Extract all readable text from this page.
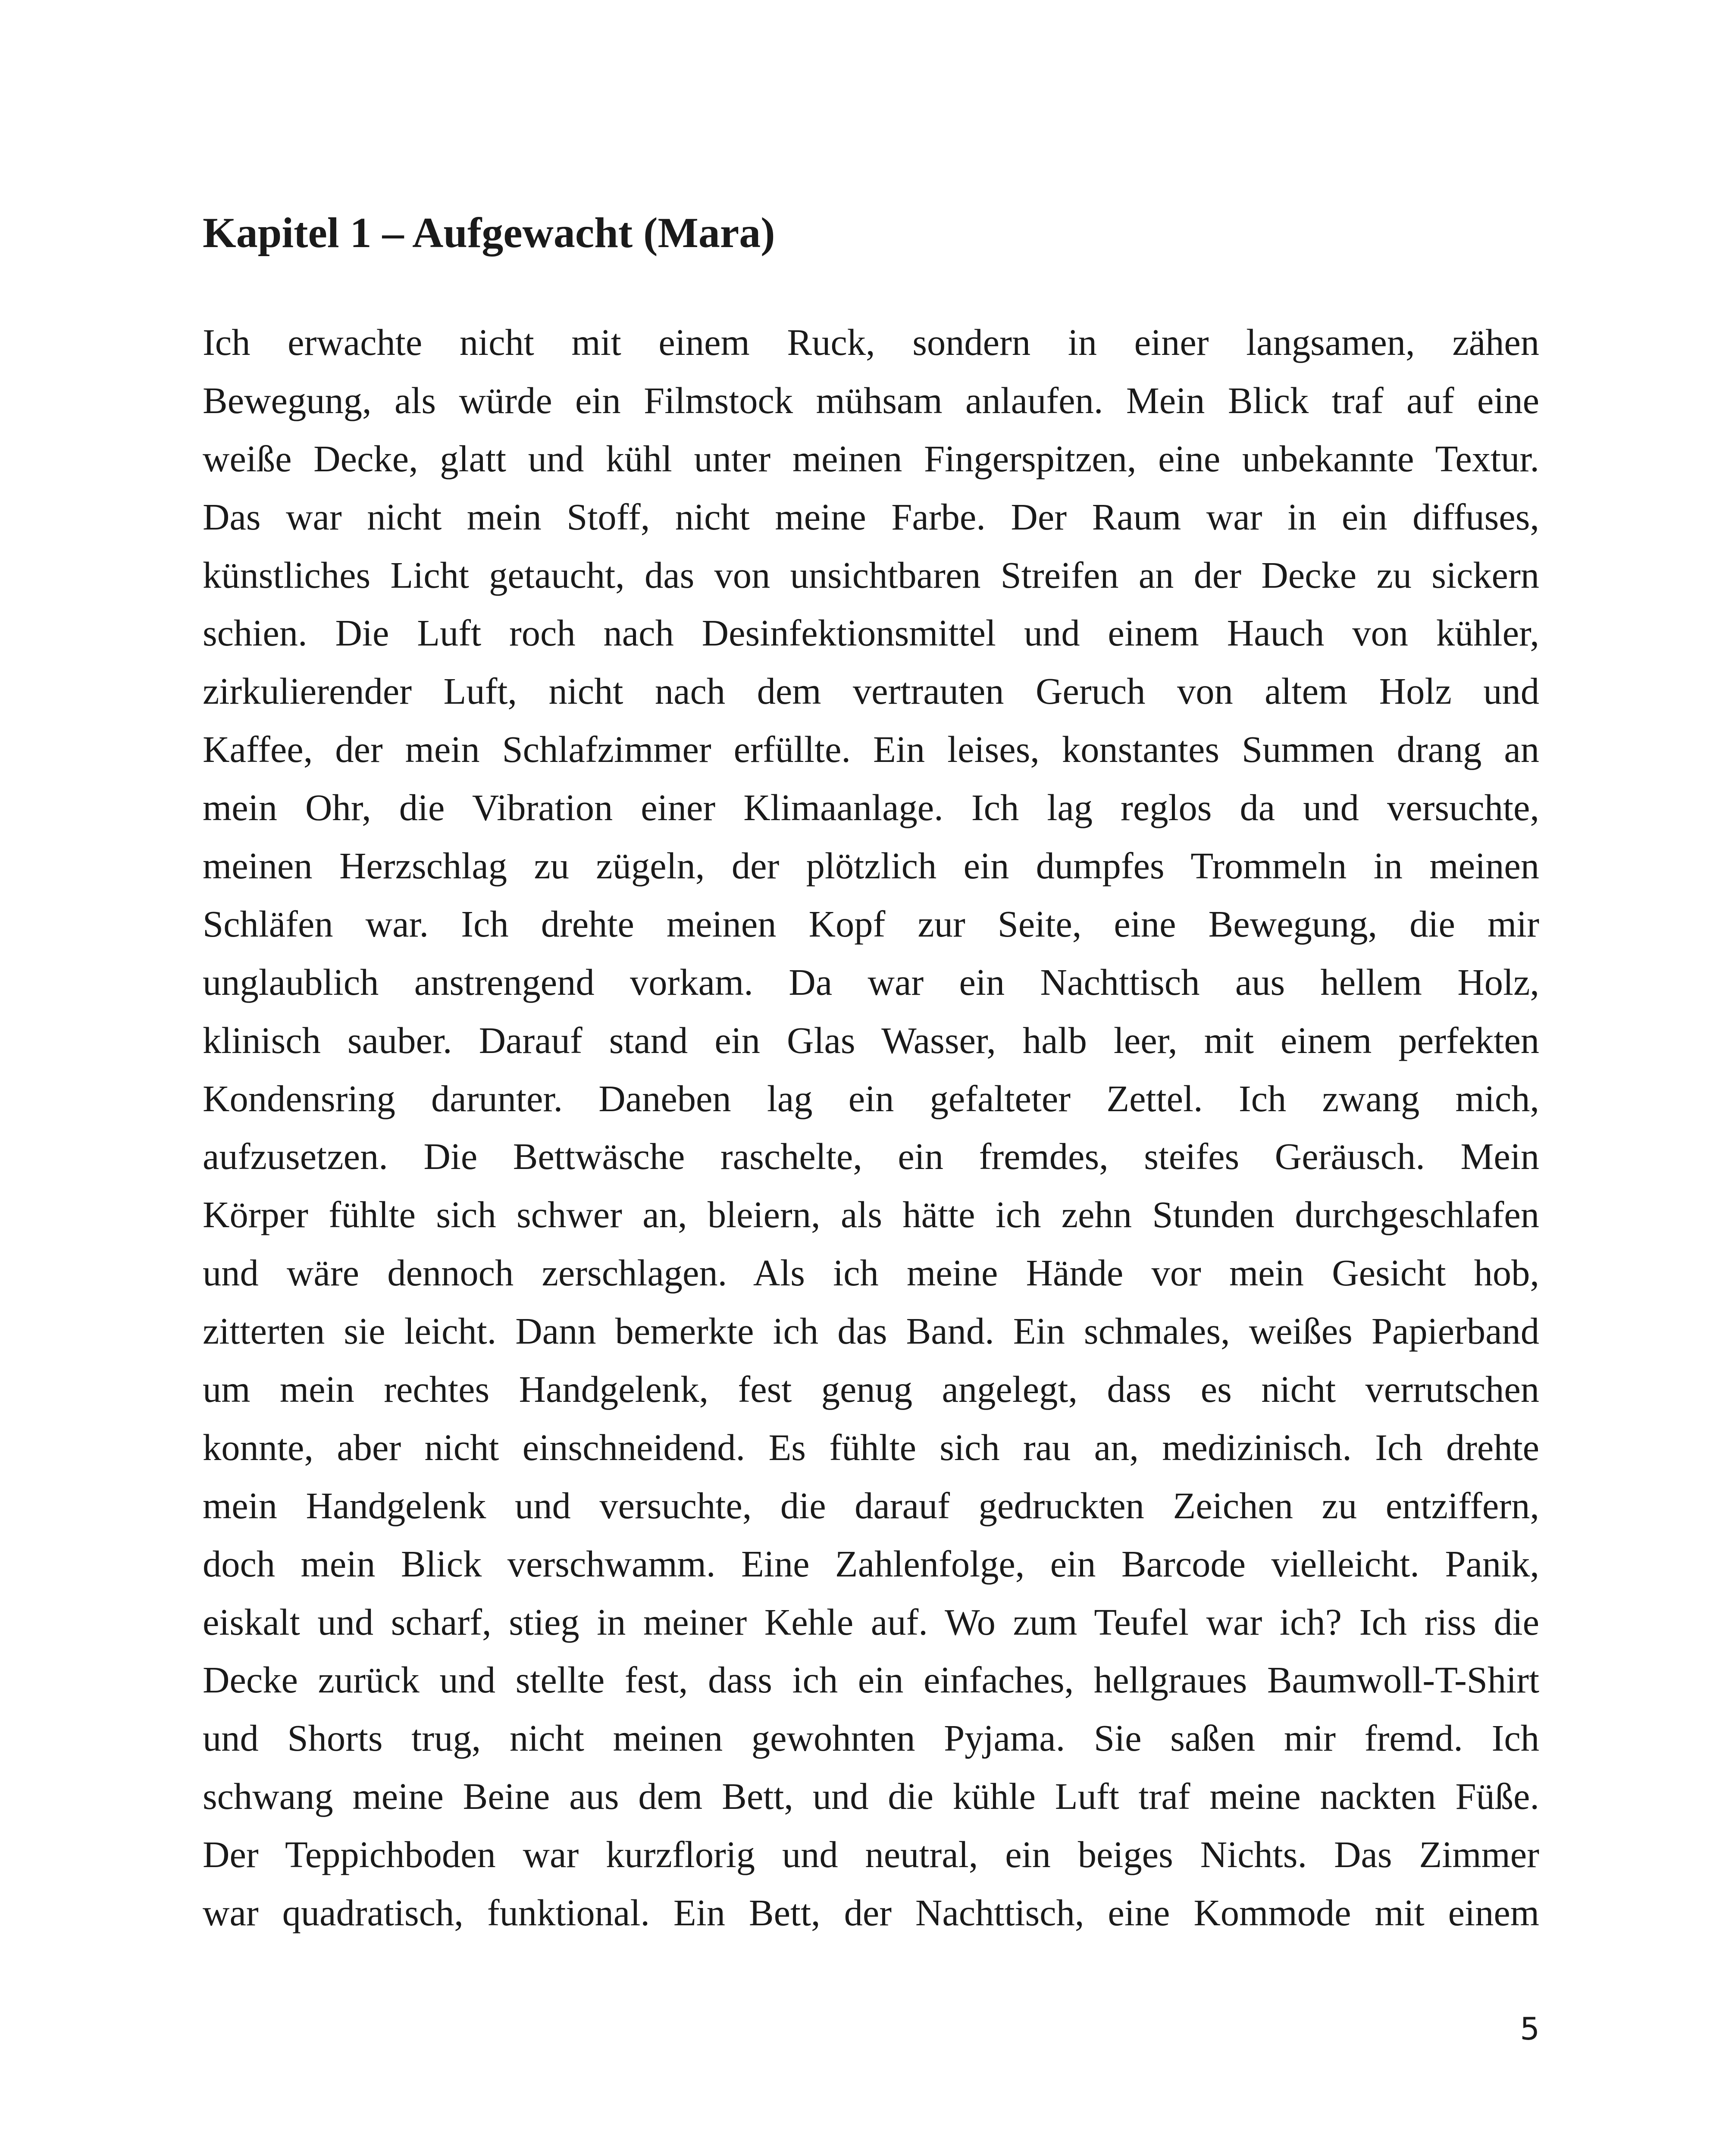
Kapitel 1 – Aufgewacht (Mara)
Ich erwachte nicht mit einem Ruck, sondern in einer langsamen, zähen
Bewegung, als würde ein Filmstock mühsam anlaufen. Mein Blick traf auf eine
weiße Decke, glatt und kühl unter meinen Fingerspitzen, eine unbekannte Textur.
Das war nicht mein Stoff, nicht meine Farbe. Der Raum war in ein diffuses,
künstliches Licht getaucht, das von unsichtbaren Streifen an der Decke zu sickern
schien. Die Luft roch nach Desinfektionsmittel und einem Hauch von kühler,
zirkulierender Luft, nicht nach dem vertrauten Geruch von altem Holz und
Kaffee, der mein Schlafzimmer erfüllte. Ein leises, konstantes Summen drang an
mein Ohr, die Vibration einer Klimaanlage. Ich lag reglos da und versuchte,
meinen Herzschlag zu zügeln, der plötzlich ein dumpfes Trommeln in meinen
Schläfen war. Ich drehte meinen Kopf zur Seite, eine Bewegung, die mir
unglaublich anstrengend vorkam. Da war ein Nachttisch aus hellem Holz,
klinisch sauber. Darauf stand ein Glas Wasser, halb leer, mit einem perfekten
Kondensring darunter. Daneben lag ein gefalteter Zettel. Ich zwang mich,
aufzusetzen. Die Bettwäsche raschelte, ein fremdes, steifes Geräusch. Mein
Körper fühlte sich schwer an, bleiern, als hätte ich zehn Stunden durchgeschlafen
und wäre dennoch zerschlagen. Als ich meine Hände vor mein Gesicht hob,
zitterten sie leicht. Dann bemerkte ich das Band. Ein schmales, weißes Papierband
um mein rechtes Handgelenk, fest genug angelegt, dass es nicht verrutschen
konnte, aber nicht einschneidend. Es fühlte sich rau an, medizinisch. Ich drehte
mein Handgelenk und versuchte, die darauf gedruckten Zeichen zu entziffern,
doch mein Blick verschwamm. Eine Zahlenfolge, ein Barcode vielleicht. Panik,
eiskalt und scharf, stieg in meiner Kehle auf. Wo zum Teufel war ich? Ich riss die
Decke zurück und stellte fest, dass ich ein einfaches, hellgraues Baumwoll-T-Shirt
und Shorts trug, nicht meinen gewohnten Pyjama. Sie saßen mir fremd. Ich
schwang meine Beine aus dem Bett, und die kühle Luft traf meine nackten Füße.
Der Teppichboden war kurzflorig und neutral, ein beiges Nichts. Das Zimmer
war quadratisch, funktional. Ein Bett, der Nachttisch, eine Kommode mit einem
5
